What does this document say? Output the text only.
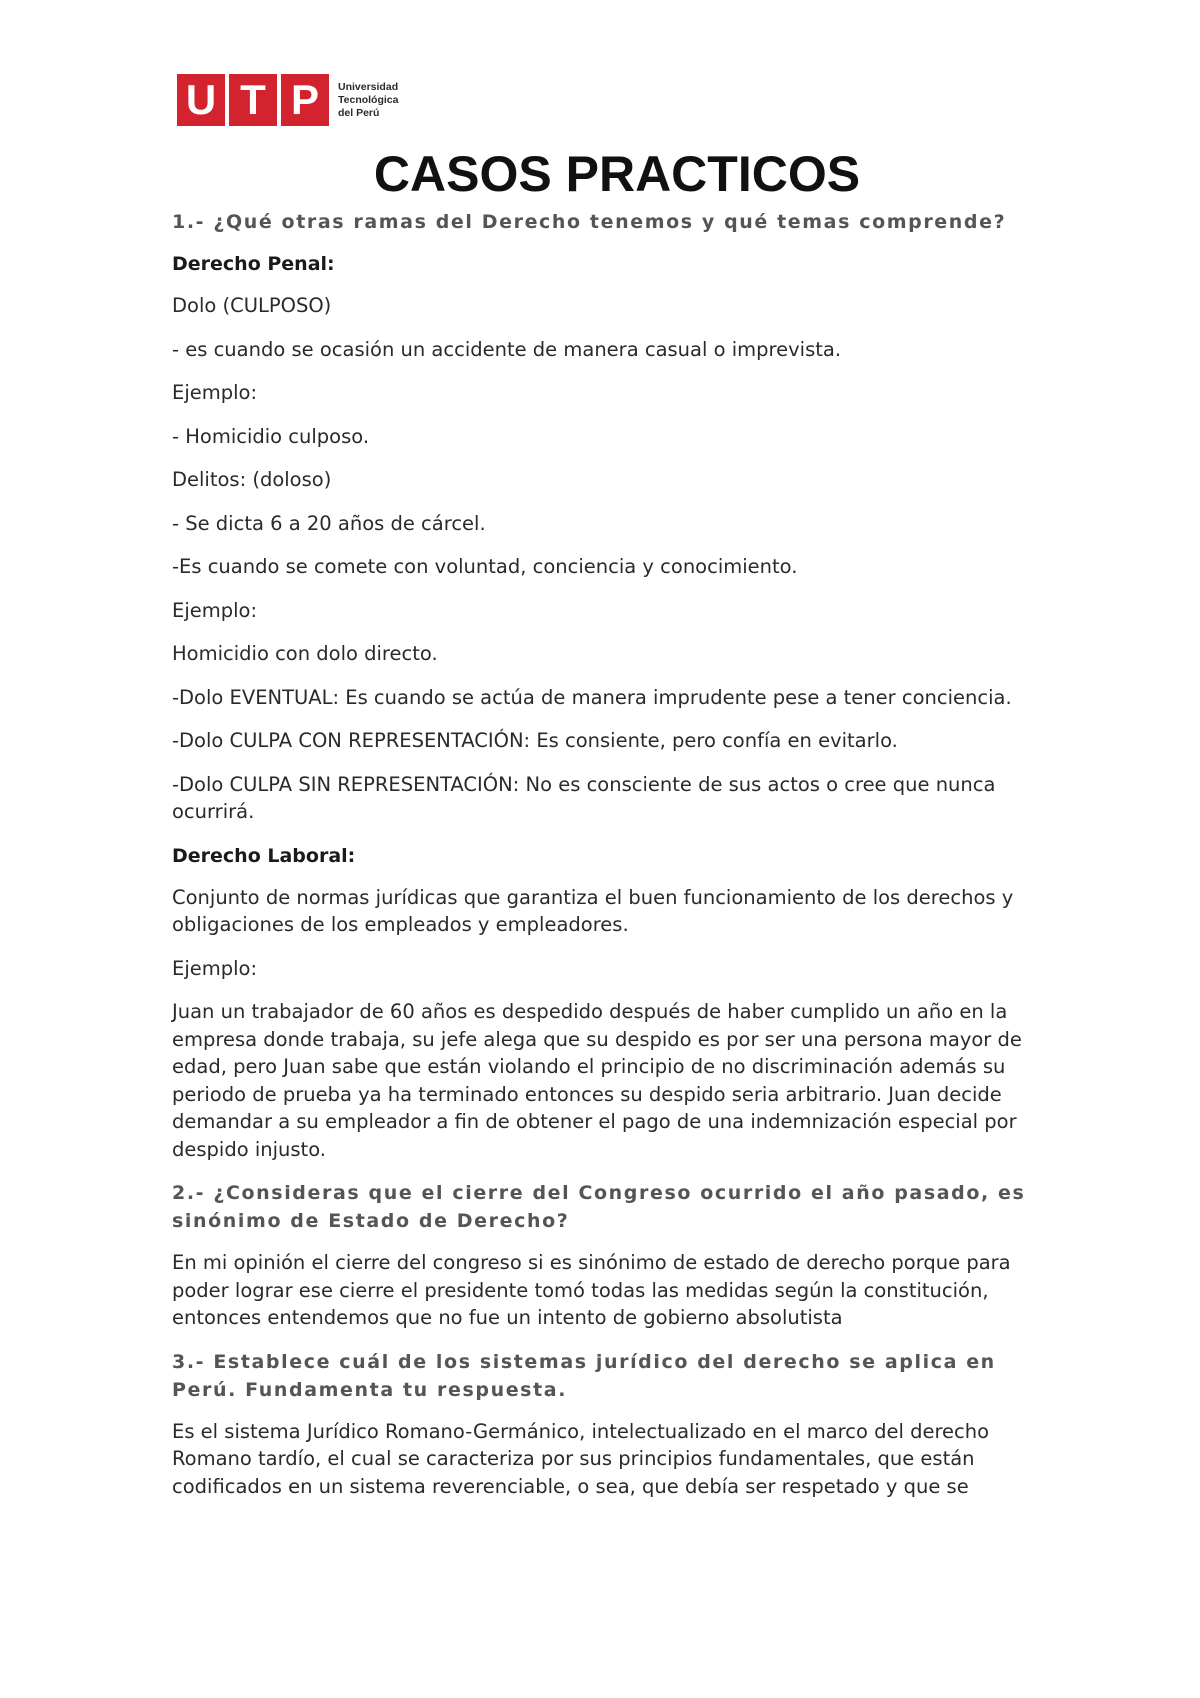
U T P	Universidad
Tecnológica
del Perú
CASOS PRACTICOS

1.- ¿Qué otras ramas del Derecho tenemos y qué temas comprende?

Derecho Penal:

Dolo (CULPOSO)

- es cuando se ocasión un accidente de manera casual o imprevista.

Ejemplo:

- Homicidio culposo.

Delitos: (doloso)

- Se dicta 6 a 20 años de cárcel.

-Es cuando se comete con voluntad, conciencia y conocimiento.

Ejemplo:

Homicidio con dolo directo.

-Dolo EVENTUAL: Es cuando se actúa de manera imprudente pese a tener conciencia.

-Dolo CULPA CON REPRESENTACIÓN: Es consiente, pero confía en evitarlo.

-Dolo CULPA SIN REPRESENTACIÓN: No es consciente de sus actos o cree que nunca ocurrirá.

Derecho Laboral:

Conjunto de normas jurídicas que garantiza el buen funcionamiento de los derechos y obligaciones de los empleados y empleadores.

Ejemplo:

Juan un trabajador de 60 años es despedido después de haber cumplido un año en la empresa donde trabaja, su jefe alega que su despido es por ser una persona mayor de edad, pero Juan sabe que están violando el principio de no discriminación además su periodo de prueba ya ha terminado entonces su despido seria arbitrario. Juan decide demandar a su empleador a fin de obtener el pago de una indemnización especial por despido injusto.

2.- ¿Consideras que el cierre del Congreso ocurrido el año pasado, es sinónimo de Estado de Derecho?

En mi opinión el cierre del congreso si es sinónimo de estado de derecho porque para poder lograr ese cierre el presidente tomó todas las medidas según la constitución, entonces entendemos que no fue un intento de gobierno absolutista

3.- Establece cuál de los sistemas jurídico del derecho se aplica en Perú. Fundamenta tu respuesta.

Es el sistema Jurídico Romano-Germánico, intelectualizado en el marco del derecho Romano tardío, el cual se caracteriza por sus principios fundamentales, que están codificados en un sistema reverenciable, o sea, que debía ser respetado y que se
